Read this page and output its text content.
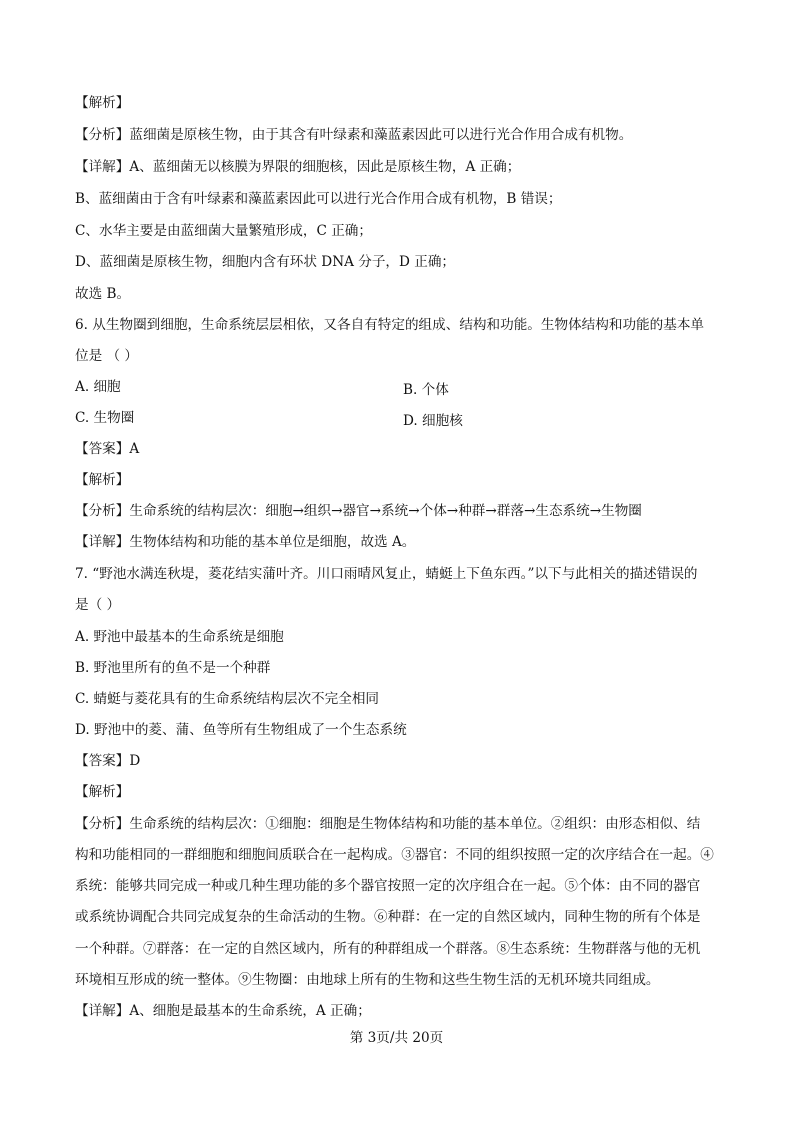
【解析】
【分析】蓝细菌是原核生物，由于其含有叶绿素和藻蓝素因此可以进行光合作用合成有机物。
【详解】A、蓝细菌无以核膜为界限的细胞核，因此是原核生物，A 正确；
B、蓝细菌由于含有叶绿素和藻蓝素因此可以进行光合作用合成有机物，B 错误；
C、水华主要是由蓝细菌大量繁殖形成，C 正确；
D、蓝细菌是原核生物，细胞内含有环状 DNA 分子，D 正确；
故选 B。
6. 从生物圈到细胞，生命系统层层相依，又各自有特定的组成、结构和功能。生物体结构和功能的基本单
位是 （ ）
A. 细胞	B. 个体
C. 生物圈	D. 细胞核
【答案】A
【解析】
【分析】生命系统的结构层次：细胞→组织→器官→系统→个体→种群→群落→生态系统→生物圈
【详解】生物体结构和功能的基本单位是细胞，故选 A。
7. “野池水满连秋堤，菱花结实蒲叶齐。川口雨晴风复止，蜻蜓上下鱼东西。”以下与此相关的描述错误的
是（ ）
A. 野池中最基本的生命系统是细胞
B. 野池里所有的鱼不是一个种群
C. 蜻蜓与菱花具有的生命系统结构层次不完全相同
D. 野池中的菱、蒲、鱼等所有生物组成了一个生态系统
【答案】D
【解析】
【分析】生命系统的结构层次：①细胞：细胞是生物体结构和功能的基本单位。②组织：由形态相似、结
构和功能相同的一群细胞和细胞间质联合在一起构成。③器官：不同的组织按照一定的次序结合在一起。④
系统：能够共同完成一种或几种生理功能的多个器官按照一定的次序组合在一起。⑤个体：由不同的器官
或系统协调配合共同完成复杂的生命活动的生物。⑥种群：在一定的自然区域内，同种生物的所有个体是
一个种群。⑦群落：在一定的自然区域内，所有的种群组成一个群落。⑧生态系统：生物群落与他的无机
环境相互形成的统一整体。⑨生物圈：由地球上所有的生物和这些生物生活的无机环境共同组成。
【详解】A、细胞是最基本的生命系统，A 正确；
第 3页/共 20页
